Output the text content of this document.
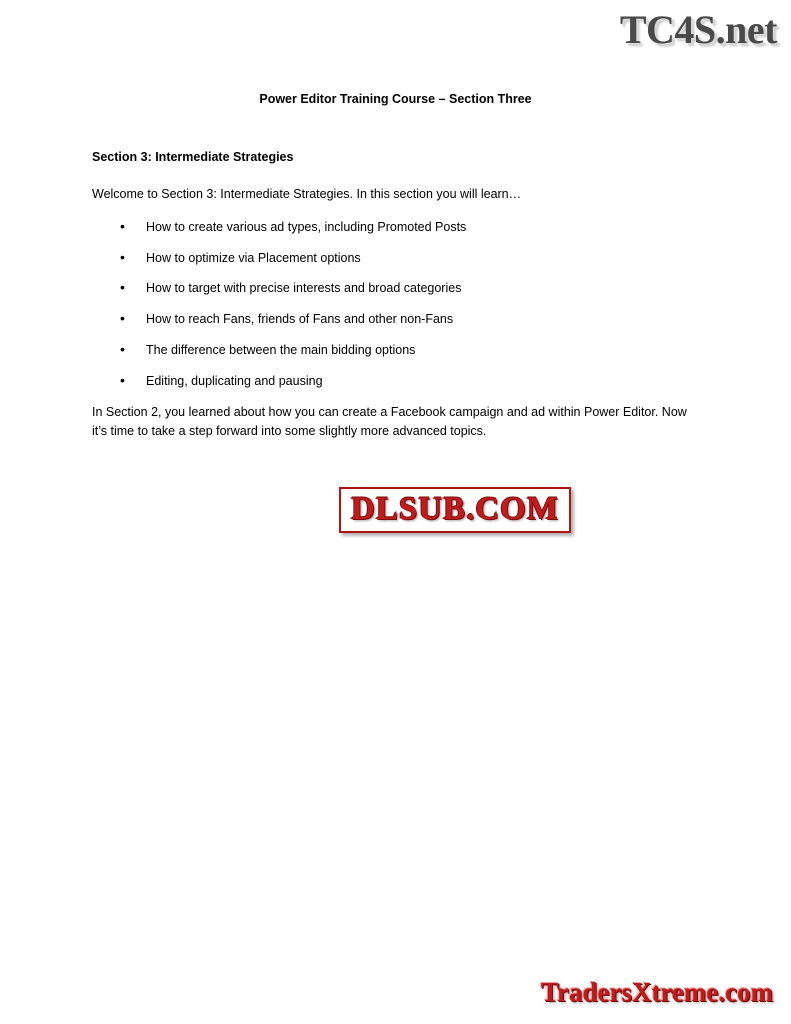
TC4S.net
Power Editor Training Course – Section Three
Section 3: Intermediate Strategies

Welcome to Section 3: Intermediate Strategies. In this section you will learn…

• How to create various ad types, including Promoted Posts
• How to optimize via Placement options
• How to target with precise interests and broad categories
• How to reach Fans, friends of Fans and other non-Fans
• The difference between the main bidding options
• Editing, duplicating and pausing

In Section 2, you learned about how you can create a Facebook campaign and ad within Power Editor. Now it’s time to take a step forward into some slightly more advanced topics.

DLSUB.COM
TradersXtreme.com
